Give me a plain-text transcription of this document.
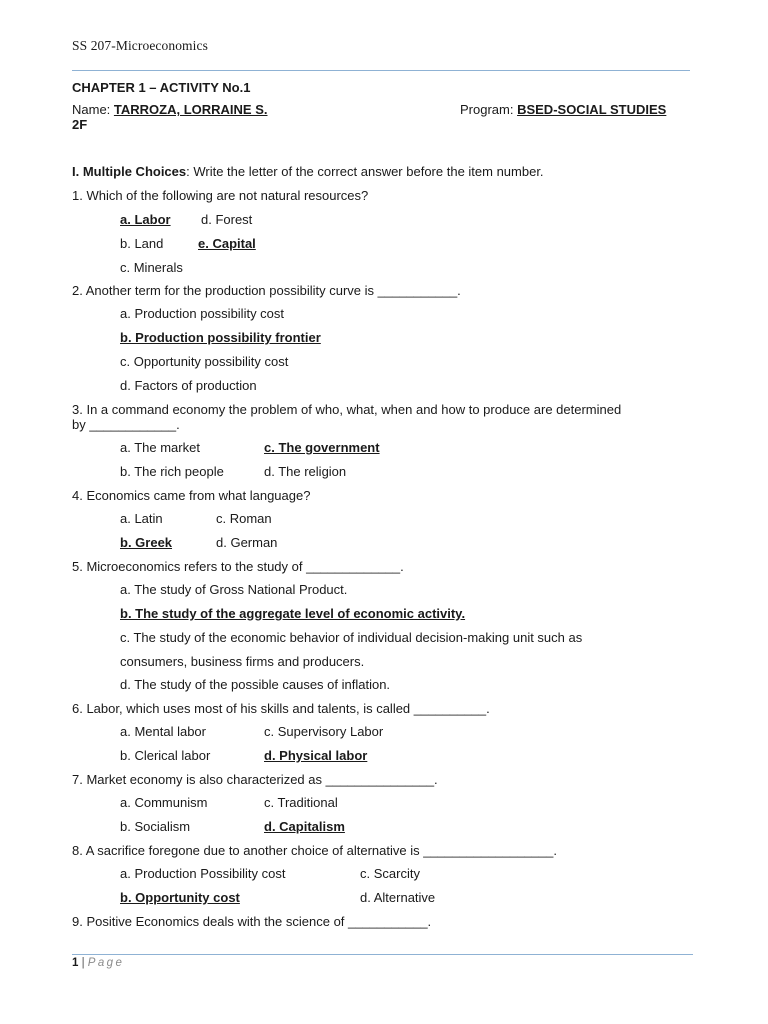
SS 207-Microeconomics
CHAPTER 1 – ACTIVITY No.1
Name: TARROZA, LORRAINE S.	Program: BSED-SOCIAL STUDIES
2F
I. Multiple Choices: Write the letter of the correct answer before the item number.
1. Which of the following are not natural resources?
a. Labor d. Forest
b. Land	e. Capital
c. Minerals
2. Another term for the production possibility curve is ___________.
a. Production possibility cost
b. Production possibility frontier
c. Opportunity possibility cost
d. Factors of production
3. In a command economy the problem of who, what, when and how to produce are determined
by ____________.
a. The market	c. The government
b. The rich people	d. The religion
4. Economics came from what language?
a. Latin	c. Roman
b. Greek	d. German
5. Microeconomics refers to the study of _____________.
a. The study of Gross National Product.
b. The study of the aggregate level of economic activity.
c. The study of the economic behavior of individual decision-making unit such as
consumers, business firms and producers.
d. The study of the possible causes of inflation.
6. Labor, which uses most of his skills and talents, is called __________.
a. Mental labor	c. Supervisory Labor
b. Clerical labor	d. Physical labor
7. Market economy is also characterized as _______________.
a. Communism	c. Traditional
b. Socialism	d. Capitalism
8. A sacrifice foregone due to another choice of alternative is __________________.
a. Production Possibility cost	c. Scarcity
b. Opportunity cost	d. Alternative
9. Positive Economics deals with the science of ___________.
1 | Page
